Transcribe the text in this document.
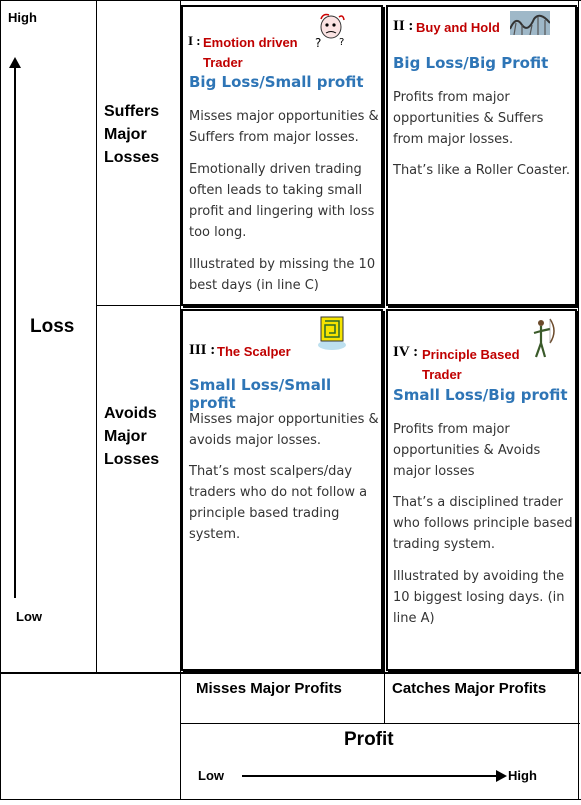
High
Loss
Low

Suffers

Major

Losses

Avoids

Major

Losses

I : Emotion driven Trader
? ?
Big Loss/Small profit

Misses major opportunities & Suffers from major losses.

Emotionally driven trading often leads to taking small profit and lingering with loss too long.

Illustrated by missing the 10 best days (in line C)

II : Buy and Hold
Big Loss/Big Profit

Profits from major opportunities & Suffers from major losses.

That’s like a Roller Coaster.

III : The Scalper
Small Loss/Small profit

Misses major opportunities & avoids major losses.

That’s most scalpers/day traders who do not follow a principle based trading system.

IV : Principle Based Trader
Small Loss/Big profit

Profits from major opportunities & Avoids major losses

That’s a disciplined trader who follows principle based trading system.

Illustrated by avoiding the 10 biggest losing days. (in line A)

Misses Major Profits	Catches Major Profits
Profit
Low	High
